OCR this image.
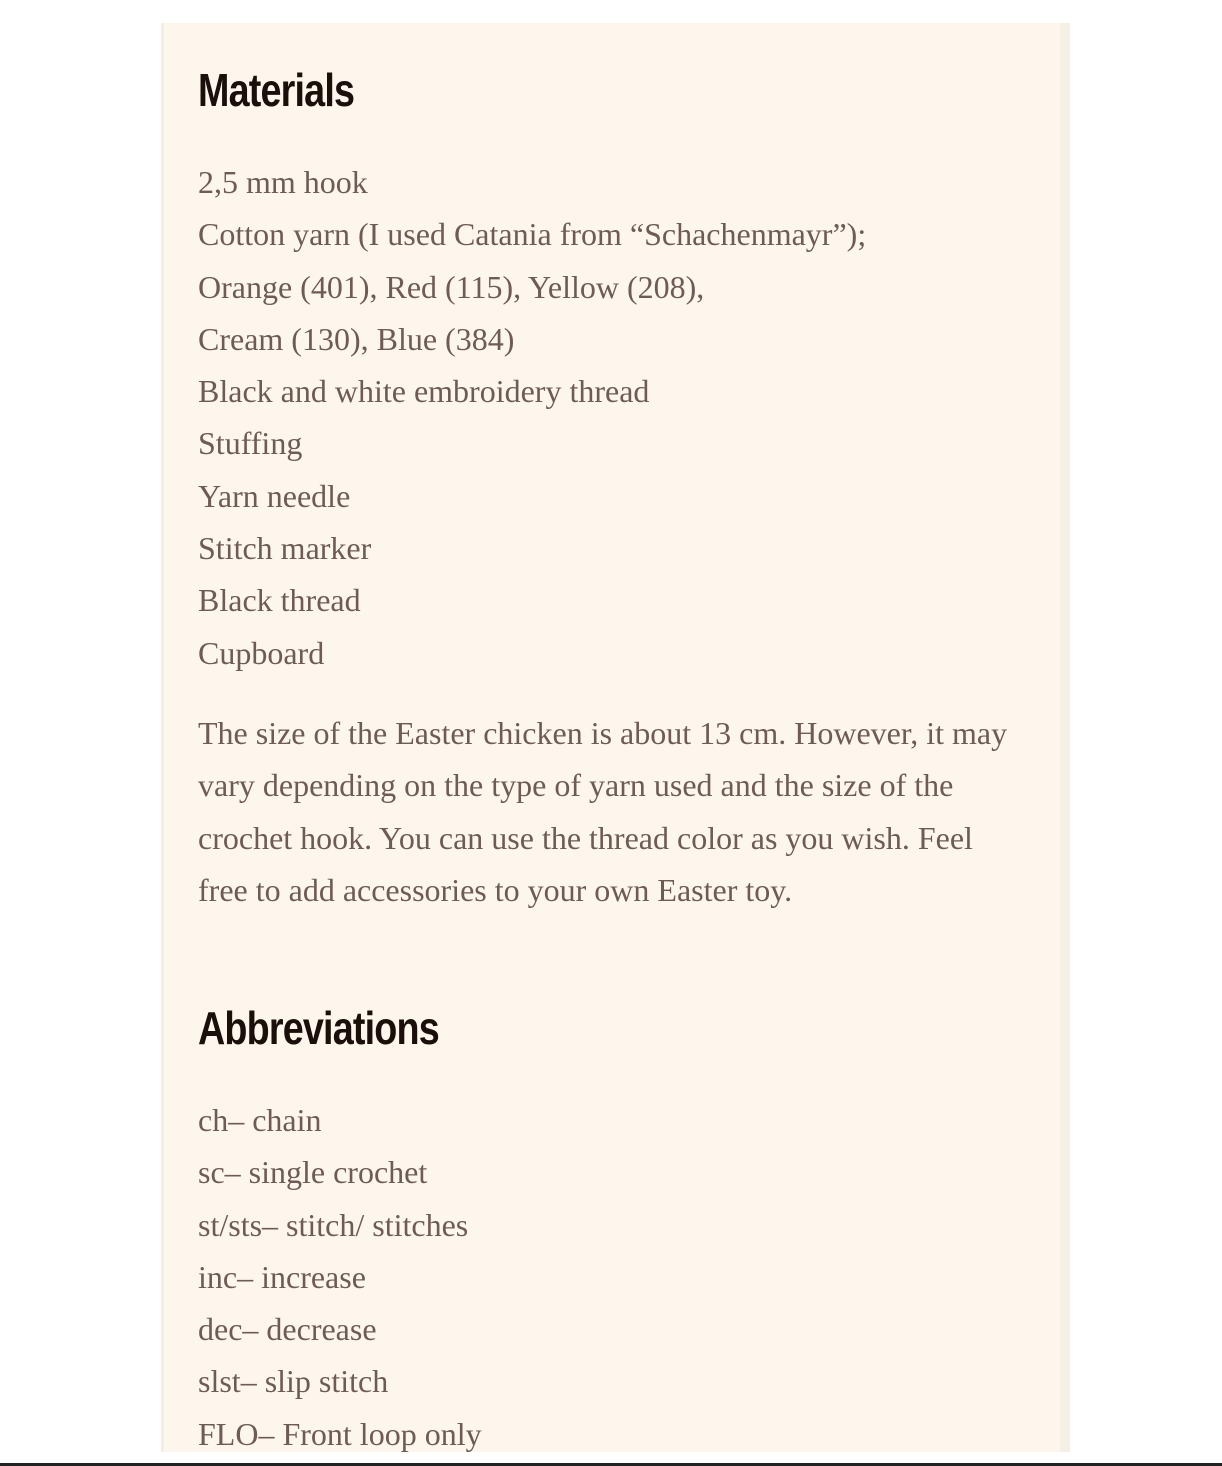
Materials
2,5 mm hook
Cotton yarn (I used Catania from “Schachenmayr”);
Orange (401), Red (115), Yellow (208),
Cream (130), Blue (384)
Black and white embroidery thread
Stuffing
Yarn needle
Stitch marker
Black thread
Cupboard

The size of the Easter chicken is about 13 cm. However, it may vary depending on the type of yarn used and the size of the crochet hook. You can use the thread color as you wish. Feel free to add accessories to your own Easter toy.

Abbreviations
ch– chain
sc– single crochet
st/sts– stitch/ stitches
inc– increase
dec– decrease
slst– slip stitch
FLO– Front loop only
